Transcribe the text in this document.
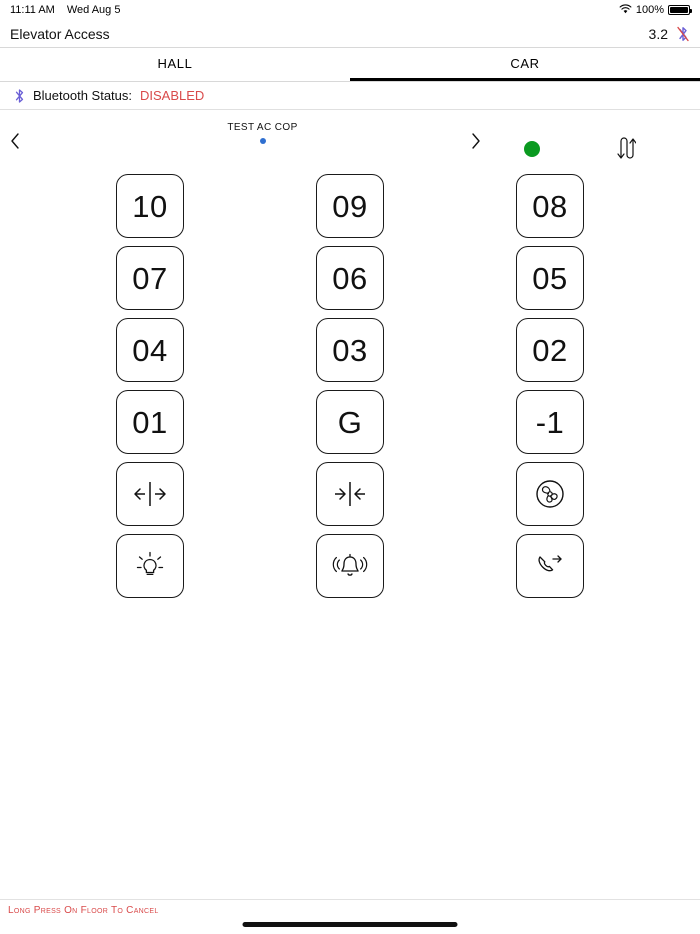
11:11 AM Wed Aug 5	100%
Elevator Access	3.2
HALL	CAR
Bluetooth Status: DISABLED
TEST AC COP
10	09	08
07	06	05
04	03	02
01	G	-1
Long Press On Floor To Cancel
